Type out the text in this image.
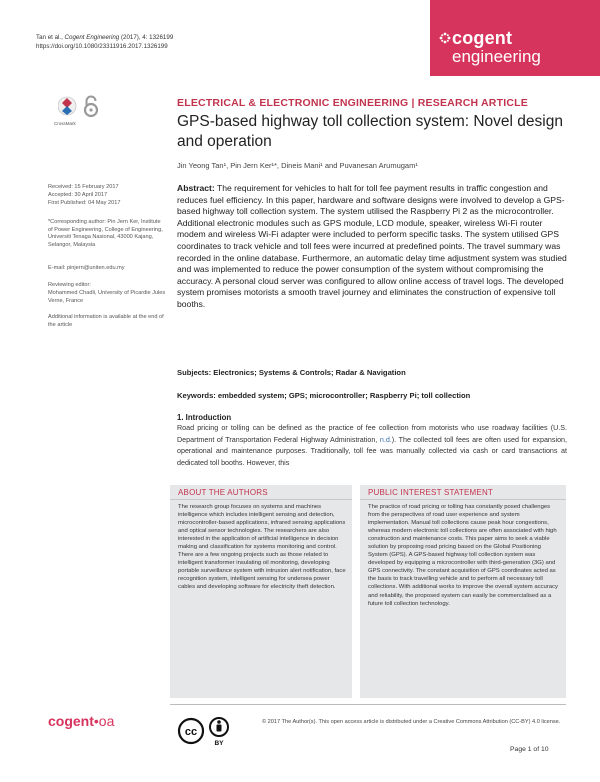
Tan et al., Cogent Engineering (2017), 4: 1326199
https://doi.org/10.1080/23311916.2017.1326199	cogent
engineering
CrossMark
ELECTRICAL & ELECTRONIC ENGINEERING | RESEARCH ARTICLE
GPS-based highway toll collection system: Novel design and operation
Jin Yeong Tan¹, Pin Jern Ker¹*, Dineis Mani¹ and Puvanesan Arumugam¹
Received: 15 February 2017
Accepted: 30 April 2017
First Published: 04 May 2017
*Corresponding author: Pin Jern Ker, Institute of Power Engineering, College of Engineering, Universiti Tenaga Nasional, 43000 Kajang, Selangor, Malaysia
E-mail: pinjern@uniten.edu.my
Reviewing editor:
Mohammed Chadli, University of Picardie Jules Verne, France
Additional information is available at the end of the article
Abstract: The requirement for vehicles to halt for toll fee payment results in traffic congestion and reduces fuel efficiency. In this paper, hardware and software designs were involved to develop a GPS-based highway toll collection system. The system utilised the Raspberry Pi 2 as the microcontroller. Additional electronic modules such as GPS module, LCD module, speaker, wireless Wi-Fi router modem and wireless Wi-Fi adapter were included to perform specific tasks. The system utilised GPS coordinates to track vehicle and toll fees were incurred at predefined points. The travel summary was recorded in the online database. Furthermore, an automatic delay time adjustment system was studied and was implemented to reduce the power consumption of the system without compromising the accuracy. A personal cloud server was configured to allow online access of travel logs. The developed system promises motorists a smooth travel journey and eliminates the construction of expensive toll booths.
Subjects: Electronics; Systems & Controls; Radar & Navigation
Keywords: embedded system; GPS; microcontroller; Raspberry Pi; toll collection
1. Introduction
Road pricing or tolling can be defined as the practice of fee collection from motorists who use roadway facilities (U.S. Department of Transportation Federal Highway Administration, n.d.). The collected toll fees are often used for expansion, operational and maintenance purposes. Traditionally, toll fee was manually collected via cash or card transactions at dedicated toll booths. However, this
ABOUT THE AUTHORS
The research group focuses on systems and machines intelligence which includes intelligent sensing and detection, microcontroller-based applications, infrared sensing applications and optical sensor technologies. The researchers are also interested in the application of artificial intelligence in decision making and classification for systems monitoring and control. There are a few ongoing projects such as those related to intelligent transformer insulating oil monitoring, developing portable surveillance system with intrusion alert notification, face recognition system, intelligent sensing for undersea power cables and developing software for electricity theft detection.
PUBLIC INTEREST STATEMENT
The practice of road pricing or tolling has constantly posed challenges from the perspectives of road user experience and system implementation. Manual toll collections cause peak hour congestions, whereas modern electronic toll collections are often associated with high construction and maintenance costs. This paper aims to seek a viable solution by proposing road pricing based on the Global Positioning System (GPS). A GPS-based highway toll collection system was developed by equipping a microcontroller with third-generation (3G) and GPS connectivity. The constant acquisition of GPS coordinates acted as the basis to track travelling vehicle and to perform all necessary toll collections. With additional works to improve the overall system accuracy and reliability, the proposed system can easily be commercialised as a future toll collection technology.
cogent•oa
cc
BY
© 2017 The Author(s). This open access article is distributed under a Creative Commons Attribution (CC-BY) 4.0 license.
Page 1 of 10
